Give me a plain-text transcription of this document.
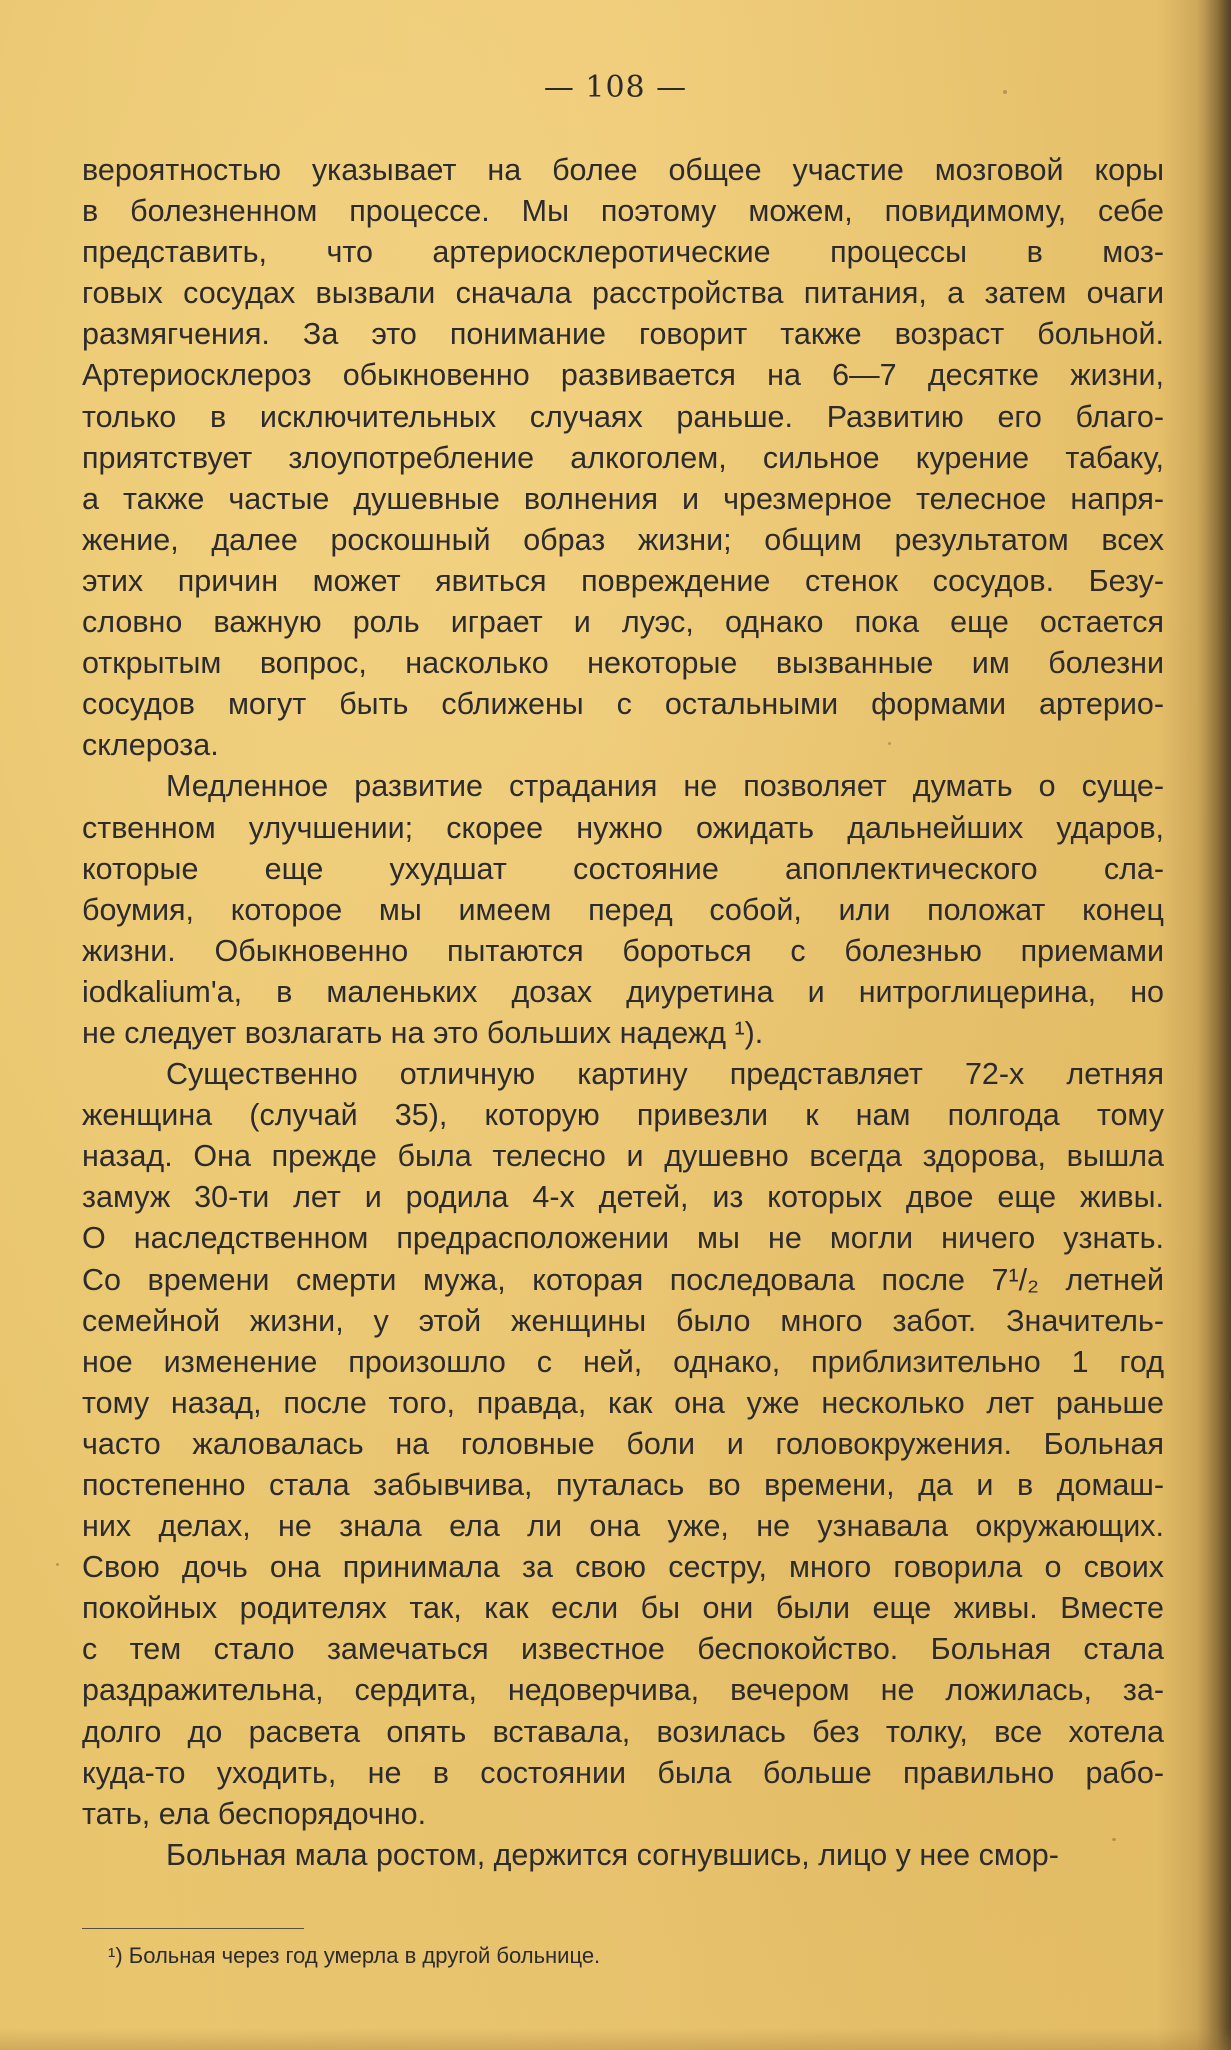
— 108 —
вероятностью указывает на более общее участие мозговой коры
в болезненном процессе. Мы поэтому можем, повидимому, себе
представить, что артериосклеротические процессы в моз-
говых сосудах вызвали сначала расстройства питания, а затем очаги
размягчения. За это понимание говорит также возраст больной.
Артериосклероз обыкновенно развивается на 6—7 десятке жизни,
только в исключительных случаях раньше. Развитию его благо-
приятствует злоупотребление алкоголем, сильное курение табаку,
а также частые душевные волнения и чрезмерное телесное напря-
жение, далее роскошный образ жизни; общим результатом всех
этих причин может явиться повреждение стенок сосудов. Безу-
словно важную роль играет и луэс, однако пока еще остается
открытым вопрос, насколько некоторые вызванные им болезни
сосудов могут быть сближены с остальными формами артерио-
склероза.
Медленное развитие страдания не позволяет думать о суще-
ственном улучшении; скорее нужно ожидать дальнейших ударов,
которые еще ухудшат состояние апоплектического сла-
боумия, которое мы имеем перед собой, или положат конец
жизни. Обыкновенно пытаются бороться с болезнью приемами
iodkalium'a, в маленьких дозах диуретина и нитроглицерина, но
не следует возлагать на это больших надежд ¹).
Существенно отличную картину представляет 72-х летняя
женщина (случай 35), которую привезли к нам полгода тому
назад. Она прежде была телесно и душевно всегда здорова, вышла
замуж 30-ти лет и родила 4-х детей, из которых двое еще живы.
О наследственном предрасположении мы не могли ничего узнать.
Со времени смерти мужа, которая последовала после 7¹/₂ летней
семейной жизни, у этой женщины было много забот. Значитель-
ное изменение произошло с ней, однако, приблизительно 1 год
тому назад, после того, правда, как она уже несколько лет раньше
часто жаловалась на головные боли и головокружения. Больная
постепенно стала забывчива, путалась во времени, да и в домаш-
них делах, не знала ела ли она уже, не узнавала окружающих.
Свою дочь она принимала за свою сестру, много говорила о своих
покойных родителях так, как если бы они были еще живы. Вместе
с тем стало замечаться известное беспокойство. Больная стала
раздражительна, сердита, недоверчива, вечером не ложилась, за-
долго до расвета опять вставала, возилась без толку, все хотела
куда-то уходить, не в состоянии была больше правильно рабо-
тать, ела беспорядочно.
Больная мала ростом, держится согнувшись, лицо у нее смор-
¹) Больная через год умерла в другой больнице.
